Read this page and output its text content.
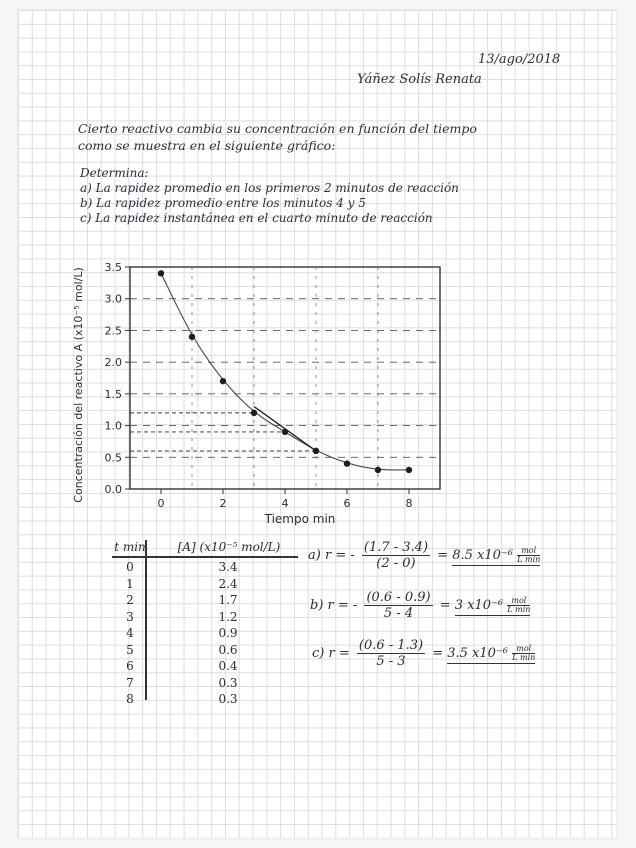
13/ago/2018
Yáñez Solís Renata
Cierto reactivo cambia su concentración en función del tiempo
como se muestra en el siguiente gráfico:
Determina:
a) La rapidez promedio en los primeros 2 minutos de reacción
b) La rapidez promedio entre los minutos 4 y 5
c) La rapidez instantánea en el cuarto minuto de reacción
0.0
0.5
1.0
1.5
2.0
2.5
3.0
3.5
0	2	4	6	8
Tiempo min
Concentración del reactivo A (x10⁻⁵ mol/L)
t min	[A] (x10⁻⁵ mol/L)
0	3.4
1	2.4
2	1.7
3	1.2
4	0.9
5	0.6
6	0.4
7	0.3
8	0.3
a) r = - $\frac{(1.7 - 3.4)}{(2 - 0)} = 8.5$ x10⁻⁶	mol
L min
b) r = - $\frac{(0.6 - 0.9)}{5 - 4} = 3$ x10⁻⁶	mol
L min
c) $r = \frac{(0.6 - 1.3)}{5 - 3} = 3.5$ x10⁻⁶	mol
L min
